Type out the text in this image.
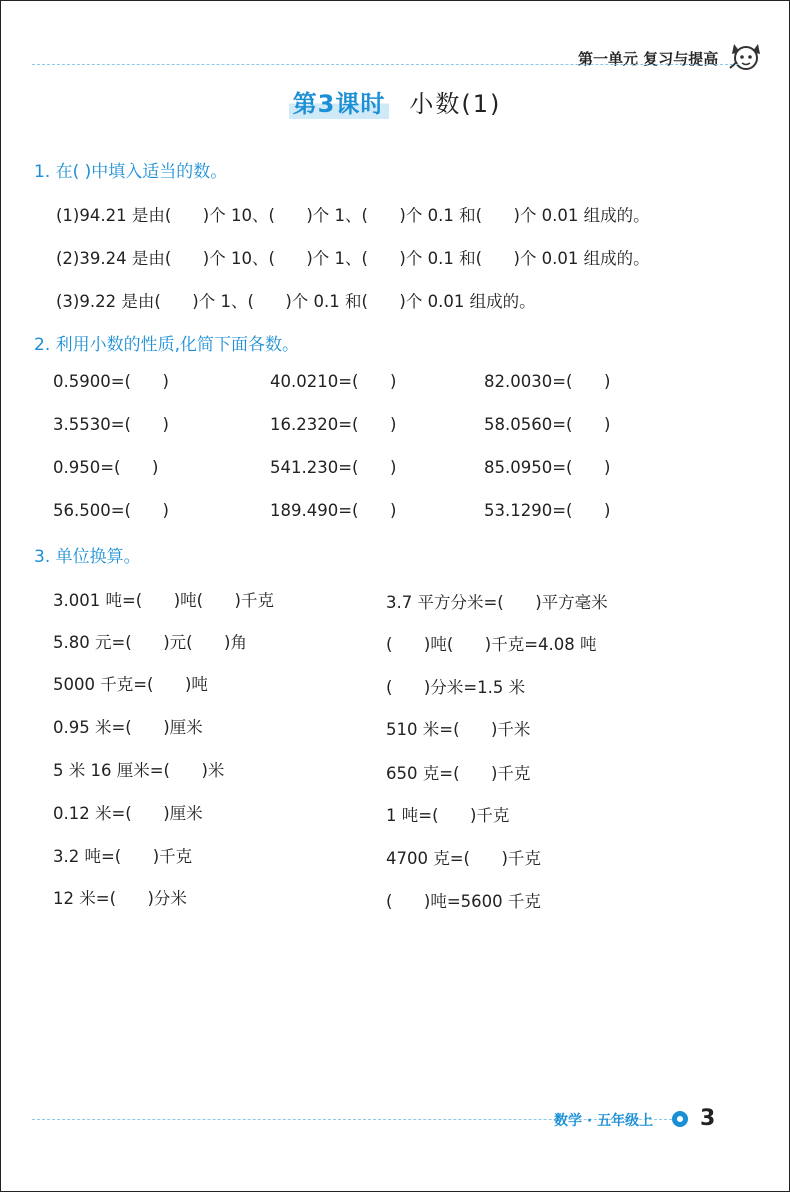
第一单元 复习与提高
第3课时 小数(1)
1. 在( )中填入适当的数。
(1)94.21 是由(      )个 10、(      )个 1、(      )个 0.1 和(      )个 0.01 组成的。
(2)39.24 是由(      )个 10、(      )个 1、(      )个 0.1 和(      )个 0.01 组成的。
(3)9.22 是由(      )个 1、(      )个 0.1 和(      )个 0.01 组成的。
2. 利用小数的性质,化简下面各数。
0.5900=(      )
3.5530=(      )
0.950=(      )
56.500=(      )
40.0210=(      )
16.2320=(      )
541.230=(      )
189.490=(      )
82.0030=(      )
58.0560=(      )
85.0950=(      )
53.1290=(      )
3. 单位换算。
3.001 吨=(      )吨(      )千克
5.80 元=(      )元(      )角
5000 千克=(      )吨
0.95 米=(      )厘米
5 米 16 厘米=(      )米
0.12 米=(      )厘米
3.2 吨=(      )千克
12 米=(      )分米
3.7 平方分米=(      )平方毫米
(      )吨(      )千克=4.08 吨
(      )分米=1.5 米
510 米=(      )千米
650 克=(      )千克
1 吨=(      )千克
4700 克=(      )千克
(      )吨=5600 千克
数学 · 五年级上 3
